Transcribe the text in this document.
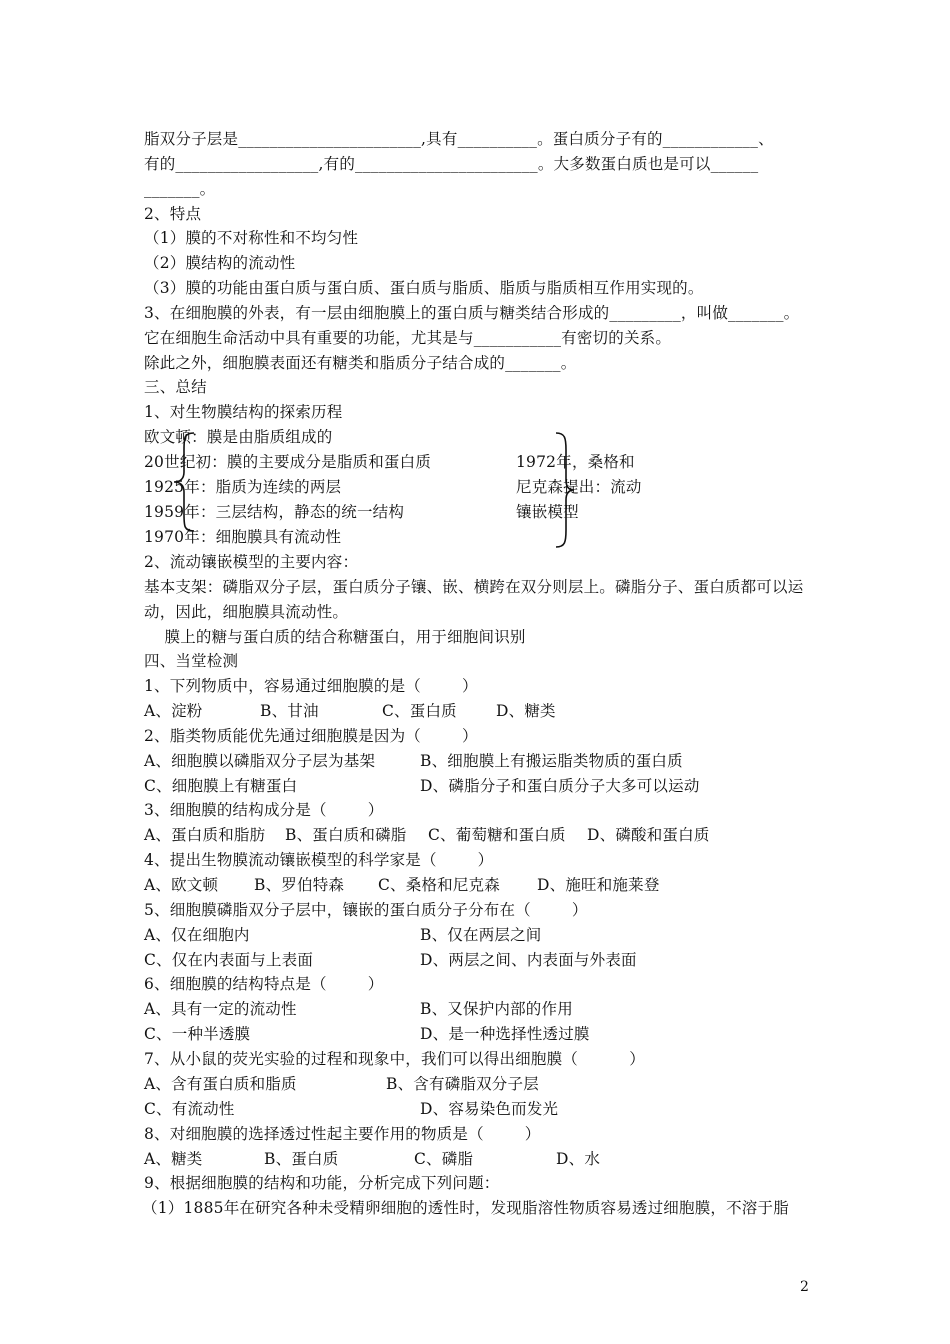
脂双分子层是_______________________,具有__________。蛋白质分子有的____________、
有的__________________,有的_______________________。大多数蛋白质也是可以______
_______。
2、特点
（1）膜的不对称性和不均匀性
（2）膜结构的流动性
（3）膜的功能由蛋白质与蛋白质、蛋白质与脂质、脂质与脂质相互作用实现的。
3、在细胞膜的外表，有一层由细胞膜上的蛋白质与糖类结合形成的_________，叫做_______。
它在细胞生命活动中具有重要的功能，尤其是与___________有密切的关系。
除此之外，细胞膜表面还有糖类和脂质分子结合成的_______。
三、总结
1、对生物膜结构的探索历程
欧文顿：膜是由脂质组成的
20世纪初：膜的主要成分是脂质和蛋白质
1925年：脂质为连续的两层
1959年：三层结构，静态的统一结构
1970年：细胞膜具有流动性
1972年，桑格和
尼克森提出：流动
镶嵌模型
2、流动镶嵌模型的主要内容：
基本支架：磷脂双分子层，蛋白质分子镶、嵌、横跨在双分则层上。磷脂分子、蛋白质都可以运
动，因此，细胞膜具流动性。
膜上的糖与蛋白质的结合称糖蛋白，用于细胞间识别
四、当堂检测
1、下列物质中，容易通过细胞膜的是（        ）
A、淀粉	B、甘油	C、蛋白质	D、糖类
2、脂类物质能优先通过细胞膜是因为（        ）
A、细胞膜以磷脂双分子层为基架	B、细胞膜上有搬运脂类物质的蛋白质
C、细胞膜上有糖蛋白	D、磷脂分子和蛋白质分子大多可以运动
3、细胞膜的结构成分是（        ）
A、蛋白质和脂肪 B、蛋白质和磷脂 C、葡萄糖和蛋白质 D、磷酸和蛋白质
4、提出生物膜流动镶嵌模型的科学家是（        ）
A、欧文顿 B、罗伯特森 C、桑格和尼克森 D、施旺和施莱登
5、细胞膜磷脂双分子层中，镶嵌的蛋白质分子分布在（        ）
A、仅在细胞内	B、仅在两层之间
C、仅在内表面与上表面	D、两层之间、内表面与外表面
6、细胞膜的结构特点是（        ）
A、具有一定的流动性	B、又保护内部的作用
C、一种半透膜	D、是一种选择性透过膜
7、从小鼠的荧光实验的过程和现象中，我们可以得出细胞膜（          ）
A、含有蛋白质和脂质	B、含有磷脂双分子层
C、有流动性	D、容易染色而发光
8、对细胞膜的选择透过性起主要作用的物质是（        ）
A、糖类	B、蛋白质	C、磷脂	D、水
9、根据细胞膜的结构和功能，分析完成下列问题：
（1）1885年在研究各种未受精卵细胞的透性时，发现脂溶性物质容易透过细胞膜，不溶于脂
2
